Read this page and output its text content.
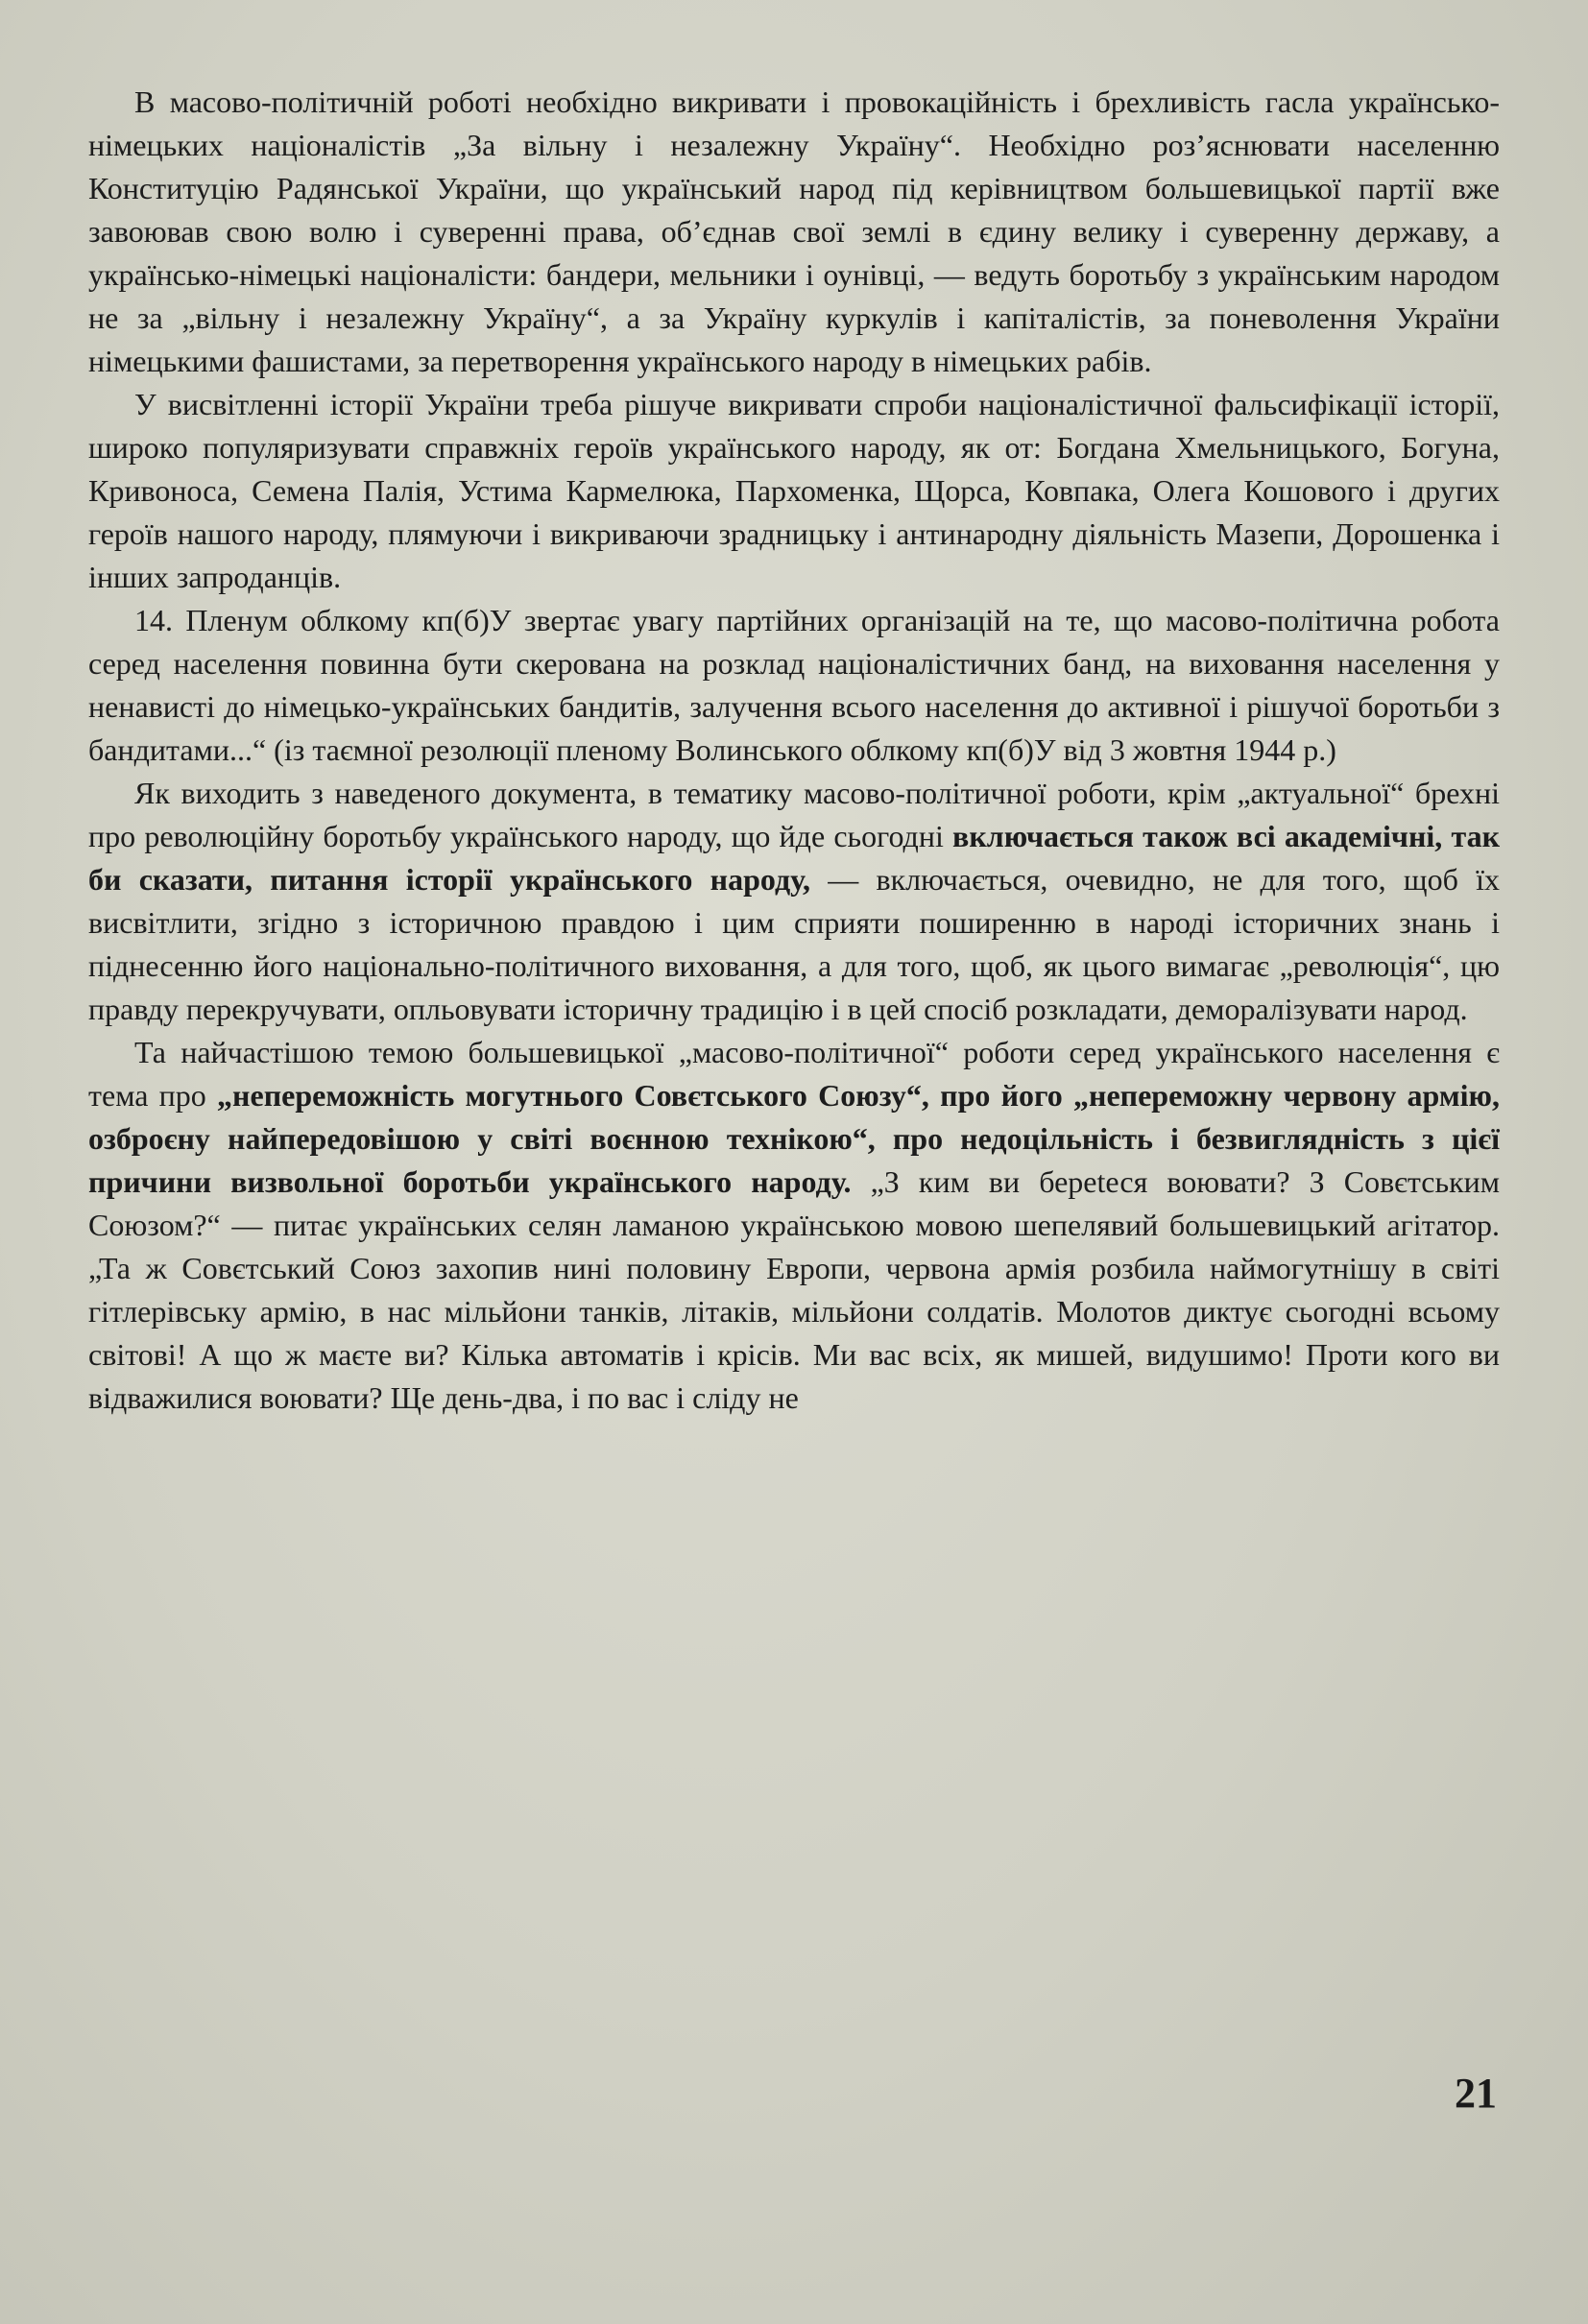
В масово-політичній роботі необхідно викривати і провокаційність і брехливість гасла українсько-німецьких націоналістів „За вільну і незалежну Україну“. Необхідно роз’яснювати населенню Конституцію Радянської України, що український народ під керівництвом большевицької партії вже завоював свою волю і суверенні права, об’єднав свої землі в єдину велику і суверенну державу, а українсько-німецькі націоналісти: бандери, мельники і оунівці, — ведуть боротьбу з українським народом не за „вільну і незалежну Україну“, а за Україну куркулів і капіталістів, за поневолення України німецькими фашистами, за перетворення українського народу в німецьких рабів.

У висвітленні історії України треба рішуче викривати спроби націоналістичної фальсифікації історії, широко популяризувати справжніх героїв українського народу, як от: Богдана Хмельницького, Богуна, Кривоноса, Семена Палія, Устима Кармелюка, Пархоменка, Щорса, Ковпака, Олега Кошового і других героїв нашого народу, плямуючи і викриваючи зрадницьку і антинародну діяльність Мазепи, Дорошенка і інших запроданців.

14. Пленум облкому кп(б)У звертає увагу партійних організацій на те, що масово-політична робота серед населення повинна бути скерована на розклад націоналістичних банд, на виховання населення у ненависті до німецько-українських бандитів, залучення всього населення до активної і рішучої боротьби з бандитами...“ (із таємної резолюції пленому Волинського облкому кп(б)У від 3 жовтня 1944 р.)

Як виходить з наведеного документа, в тематику масово-політичної роботи, крім „актуальної“ брехні про революційну боротьбу українського народу, що йде сьогодні включається також всі академічні, так би сказати, питання історії українського народу, — включається, очевидно, не для того, щоб їх висвітлити, згідно з історичною правдою і цим сприяти поширенню в народі історичних знань і піднесенню його національно-політичного виховання, а для того, щоб, як цього вимагає „революція“, цю правду перекручувати, опльовувати історичну традицію і в цей спосіб розкладати, деморалізувати народ.

Та найчастішою темою большевицької „масово-політичної“ роботи серед українського населення є тема про „непереможність могутнього Совєтського Союзу“, про його „непереможну червону армію, озброєну найпередовішою у світі воєнною технікою“, про недоцільність і безвиглядність з цієї причини визвольної боротьби українського народу. „З ким ви берetеся воювати? З Совєтським Союзом?“ — питає українських селян ламаною українською мовою шепелявий большевицький агітатор. „Та ж Совєтський Союз захопив нині половину Европи, червона армія розбила наймогутнішу в світі гітлерівську армію, в нас мільйони танків, літаків, мільйони солдатів. Молотов диктує сьогодні всьому світові! А що ж маєте ви? Кілька автоматів і крісів. Ми вас всіх, як мишей, видушимо! Проти кого ви відважилися воювати? Ще день-два, і по вас і сліду не

21
